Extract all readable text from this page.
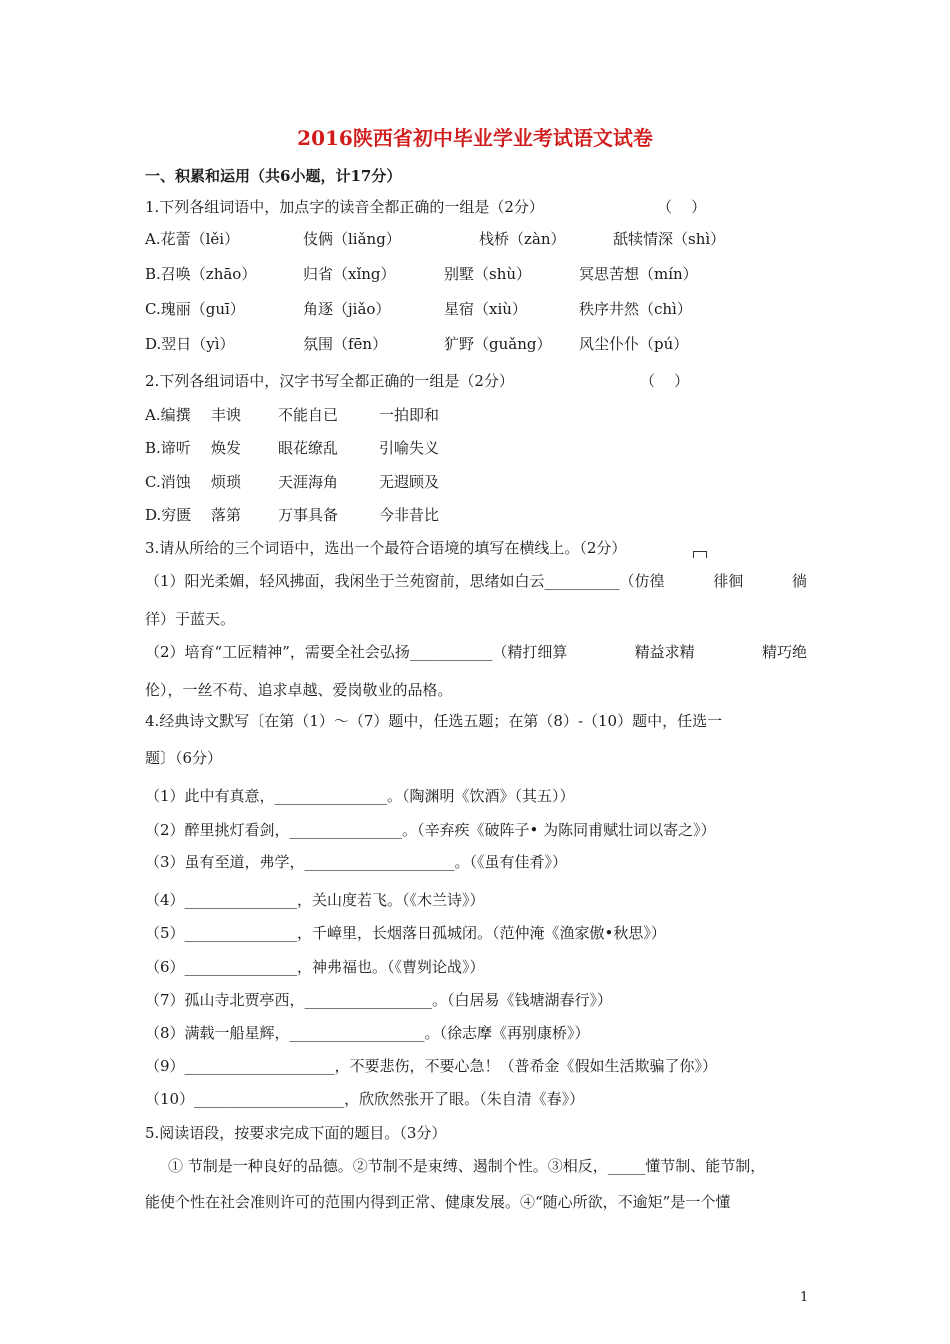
2016陕西省初中毕业学业考试语文试卷
一、积累和运用（共6小题，计17分）
1.下列各组词语中，加点字的读音全都正确的一组是（2分）	（    ）
A.花蕾（lěi）	伎俩（liǎng）	栈桥（zàn）	舐犊情深（shì）
B.召唤（zhāo）	归省（xǐng）	别墅（shù）	冥思苦想（mín）
C.瑰丽（guī）	角逐（jiǎo）	星宿（xiù）	秩序井然（chì）
D.翌日（yì）	氛围（fēn）	犷野（guǎng） 风尘仆仆（pú）
2.下列各组词语中，汉字书写全都正确的一组是（2分）	（    ）
A.编撰 丰谀 不能自已	一拍即和
B.谛听 焕发 眼花缭乱	引喻失义
C.消蚀 烦琐 天涯海角	无遐顾及
D.穷匮 落第 万事具备	今非昔比
3.请从所给的三个词语中，选出一个最符合语境的填写在横线上。（2分）
（1）阳光柔媚，轻风拂面，我闲坐于兰苑窗前，思绪如白云__________（仿徨	徘徊	徜
徉）于蓝天。
（2）培育“工匠精神”，需要全社会弘扬___________（精打细算	精益求精	精巧绝
伦），一丝不苟、追求卓越、爱岗敬业的品格。
4.经典诗文默写〔在第（1）～（7）题中，任选五题；在第（8）-（10）题中，任选一
题〕（6分）
（1）此中有真意，_______________。（陶渊明《饮酒》（其五））
（2）醉里挑灯看剑，_______________。（辛弃疾《破阵子• 为陈同甫赋壮词以寄之》）
（3）虽有至道，弗学，____________________。（《虽有佳肴》）
（4）_______________，关山度若飞。（《木兰诗》）
（5）_______________，千嶂里，长烟落日孤城闭。（范仲淹《渔家傲•秋思》）
（6）_______________，神弗福也。（《曹刿论战》）
（7）孤山寺北贾亭西，_________________。（白居易《钱塘湖春行》）
（8）满载一船星辉，__________________。（徐志摩《再别康桥》）
（9）____________________，不要悲伤，不要心急！（普希金《假如生活欺骗了你》）
（10）____________________，欣欣然张开了眼。（朱自清《春》）
5.阅读语段，按要求完成下面的题目。（3分）
① 节制是一种良好的品德。②节制不是束缚、遏制个性。③相反，_____懂节制、能节制，
能使个性在社会准则许可的范围内得到正常、健康发展。④“随心所欲，不逾矩”是一个懂
1
